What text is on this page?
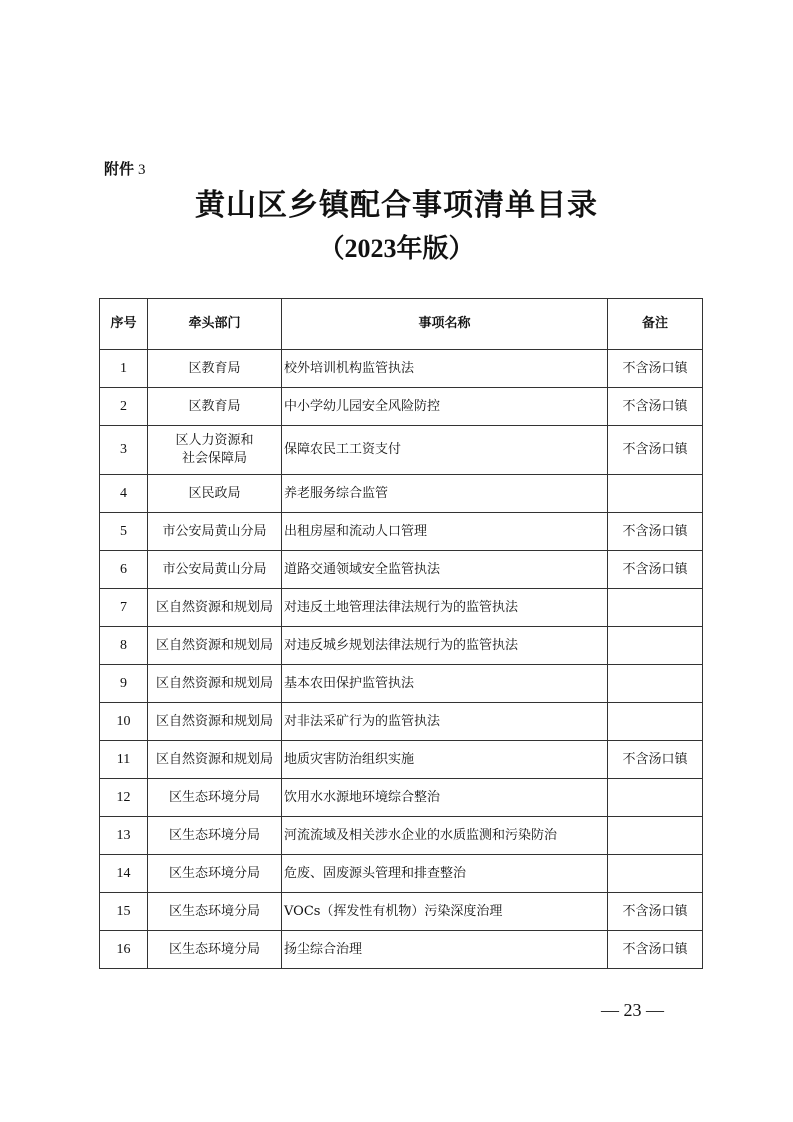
附件 3
黄山区乡镇配合事项清单目录
（2023年版）
序号	牵头部门	事项名称	备注
1	区教育局	校外培训机构监管执法	不含汤口镇
2	区教育局	中小学幼儿园安全风险防控	不含汤口镇
3	区人力资源和社会保障局	保障农民工工资支付	不含汤口镇
4	区民政局	养老服务综合监管	
5	市公安局黄山分局	出租房屋和流动人口管理	不含汤口镇
6	市公安局黄山分局	道路交通领域安全监管执法	不含汤口镇
7	区自然资源和规划局	对违反土地管理法律法规行为的监管执法	
8	区自然资源和规划局	对违反城乡规划法律法规行为的监管执法	
9	区自然资源和规划局	基本农田保护监管执法	
10	区自然资源和规划局	对非法采矿行为的监管执法	
11	区自然资源和规划局	地质灾害防治组织实施	不含汤口镇
12	区生态环境分局	饮用水水源地环境综合整治	
13	区生态环境分局	河流流域及相关涉水企业的水质监测和污染防治	
14	区生态环境分局	危废、固废源头管理和排查整治	
15	区生态环境分局	VOCs（挥发性有机物）污染深度治理	不含汤口镇
16	区生态环境分局	扬尘综合治理	不含汤口镇
— 23 —
